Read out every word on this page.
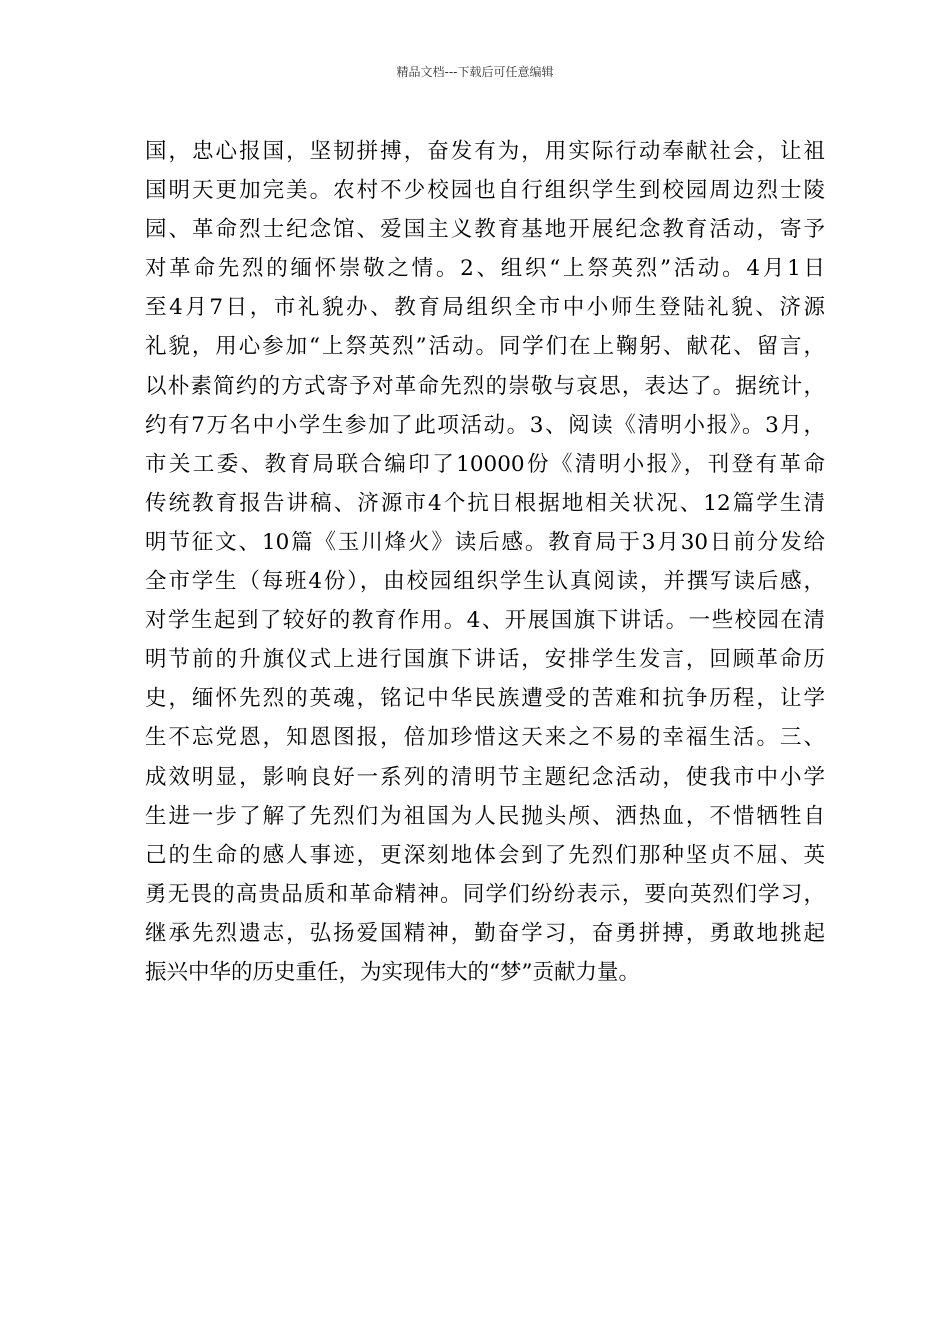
精品文档---下载后可任意编辑
国，忠心报国，坚韧拼搏，奋发有为，用实际行动奉献社会，让祖
国明天更加完美。农村不少校园也自行组织学生到校园周边烈士陵
园、革命烈士纪念馆、爱国主义教育基地开展纪念教育活动，寄予
对革命先烈的缅怀崇敬之情。2、组织“上祭英烈”活动。4月1日
至4月7日，市礼貌办、教育局组织全市中小师生登陆礼貌、济源
礼貌，用心参加“上祭英烈”活动。同学们在上鞠躬、献花、留言，
以朴素简约的方式寄予对革命先烈的崇敬与哀思，表达了。据统计，
约有7万名中小学生参加了此项活动。3、阅读《清明小报》。3月，
市关工委、教育局联合编印了10000份《清明小报》，刊登有革命
传统教育报告讲稿、济源市4个抗日根据地相关状况、12篇学生清
明节征文、10篇《玉川烽火》读后感。教育局于3月30日前分发给
全市学生（每班4份），由校园组织学生认真阅读，并撰写读后感，
对学生起到了较好的教育作用。4、开展国旗下讲话。一些校园在清
明节前的升旗仪式上进行国旗下讲话，安排学生发言，回顾革命历
史，缅怀先烈的英魂，铭记中华民族遭受的苦难和抗争历程，让学
生不忘党恩，知恩图报，倍加珍惜这天来之不易的幸福生活。三、
成效明显，影响良好一系列的清明节主题纪念活动，使我市中小学
生进一步了解了先烈们为祖国为人民抛头颅、洒热血，不惜牺牲自
己的生命的感人事迹，更深刻地体会到了先烈们那种坚贞不屈、英
勇无畏的高贵品质和革命精神。同学们纷纷表示，要向英烈们学习，
继承先烈遗志，弘扬爱国精神，勤奋学习，奋勇拼搏，勇敢地挑起
振兴中华的历史重任，为实现伟大的“梦”贡献力量。
